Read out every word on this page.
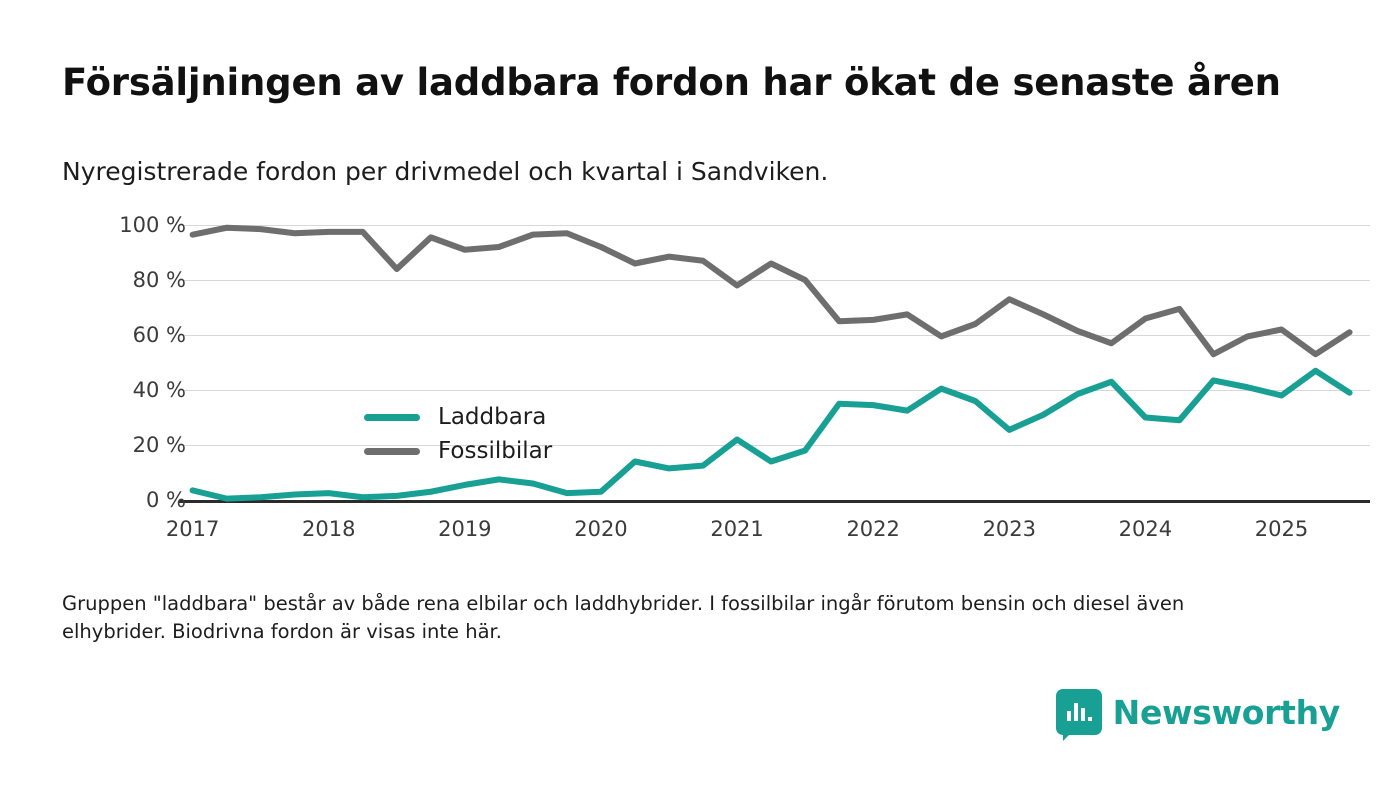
Försäljningen av laddbara fordon har ökat de senaste åren
Nyregistrerade fordon per drivmedel och kvartal i Sandviken.
0 %
20 %
40 %
60 %
80 %
100 %
2017	2018	2019	2020	2021	2022	2023	2024	2025
Laddbara
Fossilbilar
Gruppen "laddbara" består av både rena elbilar och laddhybrider. I fossilbilar ingår förutom bensin och diesel även elhybrider. Biodrivna fordon är visas inte här.
Newsworthy
